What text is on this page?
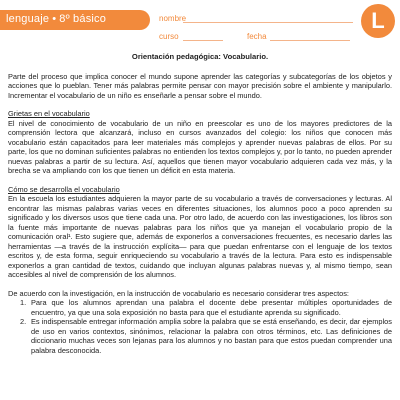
lenguaje • 8º básico	nombre
curso	fecha
L
Orientación pedagógica: Vocabulario.

Parte del proceso que implica conocer el mundo supone aprender las categorías y subcategorías de los objetos y acciones que lo pueblan. Tener más palabras permite pensar con mayor precisión sobre el ambiente y manipularlo. Incrementar el vocabulario de un niño es enseñarle a pensar sobre el mundo.

Grietas en el vocabulario

El nivel de conocimiento de vocabulario de un niño en preescolar es uno de los mayores predictores de la comprensión lectora que alcanzará, incluso en cursos avanzados del colegio: los niños que conocen más vocabulario están capacitados para leer materiales más complejos y aprender nuevas palabras de ellos. Por su parte, los que no dominan suficientes palabras no entienden los textos complejos y, por lo tanto, no pueden aprender nuevas palabras a partir de su lectura. Así, aquellos que tienen mayor vocabulario adquieren cada vez más, y la brecha se va ampliando con los que tienen un déficit en esta materia.

Cómo se desarrolla el vocabulario

En la escuela los estudiantes adquieren la mayor parte de su vocabulario a través de conversaciones y lecturas. Al encontrar las mismas palabras varias veces en diferentes situaciones, los alumnos poco a poco aprenden su significado y los diversos usos que tiene cada una. Por otro lado, de acuerdo con las investigaciones, los libros son la fuente más importante de nuevas palabras para los niños que ya manejan el vocabulario propio de la comunicación oral¹. Esto sugiere que, además de exponerlos a conversaciones frecuentes, es necesario darles las herramientas —a través de la instrucción explícita— para que puedan enfrentarse con el lenguaje de los textos escritos y, de esta forma, seguir enriqueciendo su vocabulario a través de la lectura. Para esto es indispensable exponerlos a gran cantidad de textos, cuidando que incluyan algunas palabras nuevas y, al mismo tiempo, sean accesibles al nivel de comprensión de los alumnos.

De acuerdo con la investigación, en la instrucción de vocabulario es necesario considerar tres aspectos:

1. Para que los alumnos aprendan una palabra el docente debe presentar múltiples oportunidades de encuentro, ya que una sola exposición no basta para que el estudiante aprenda su significado.
2. Es indispensable entregar información amplia sobre la palabra que se está enseñando, es decir, dar ejemplos de uso en varios contextos, sinónimos, relacionar la palabra con otros términos, etc. Las definiciones de diccionario muchas veces son lejanas para los alumnos y no bastan para que estos puedan comprender una palabra desconocida.
